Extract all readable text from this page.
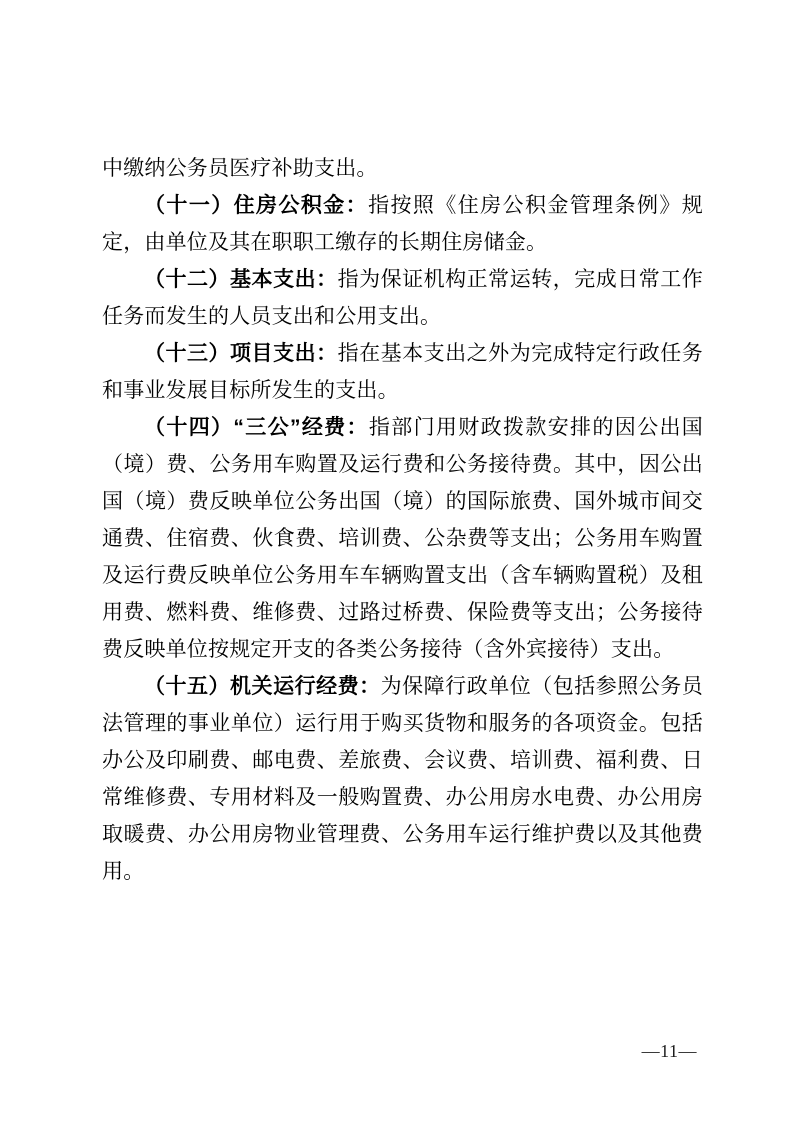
中缴纳公务员医疗补助支出。

（十一）住房公积金：指按照《住房公积金管理条例》规定，由单位及其在职职工缴存的长期住房储金。

（十二）基本支出：指为保证机构正常运转，完成日常工作任务而发生的人员支出和公用支出。

（十三）项目支出：指在基本支出之外为完成特定行政任务和事业发展目标所发生的支出。

（十四）“三公”经费：指部门用财政拨款安排的因公出国（境）费、公务用车购置及运行费和公务接待费。其中，因公出国（境）费反映单位公务出国（境）的国际旅费、国外城市间交通费、住宿费、伙食费、培训费、公杂费等支出；公务用车购置及运行费反映单位公务用车车辆购置支出（含车辆购置税）及租用费、燃料费、维修费、过路过桥费、保险费等支出；公务接待费反映单位按规定开支的各类公务接待（含外宾接待）支出。

（十五）机关运行经费：为保障行政单位（包括参照公务员法管理的事业单位）运行用于购买货物和服务的各项资金。包括办公及印刷费、邮电费、差旅费、会议费、培训费、福利费、日常维修费、专用材料及一般购置费、办公用房水电费、办公用房取暖费、办公用房物业管理费、公务用车运行维护费以及其他费用。

—11—
